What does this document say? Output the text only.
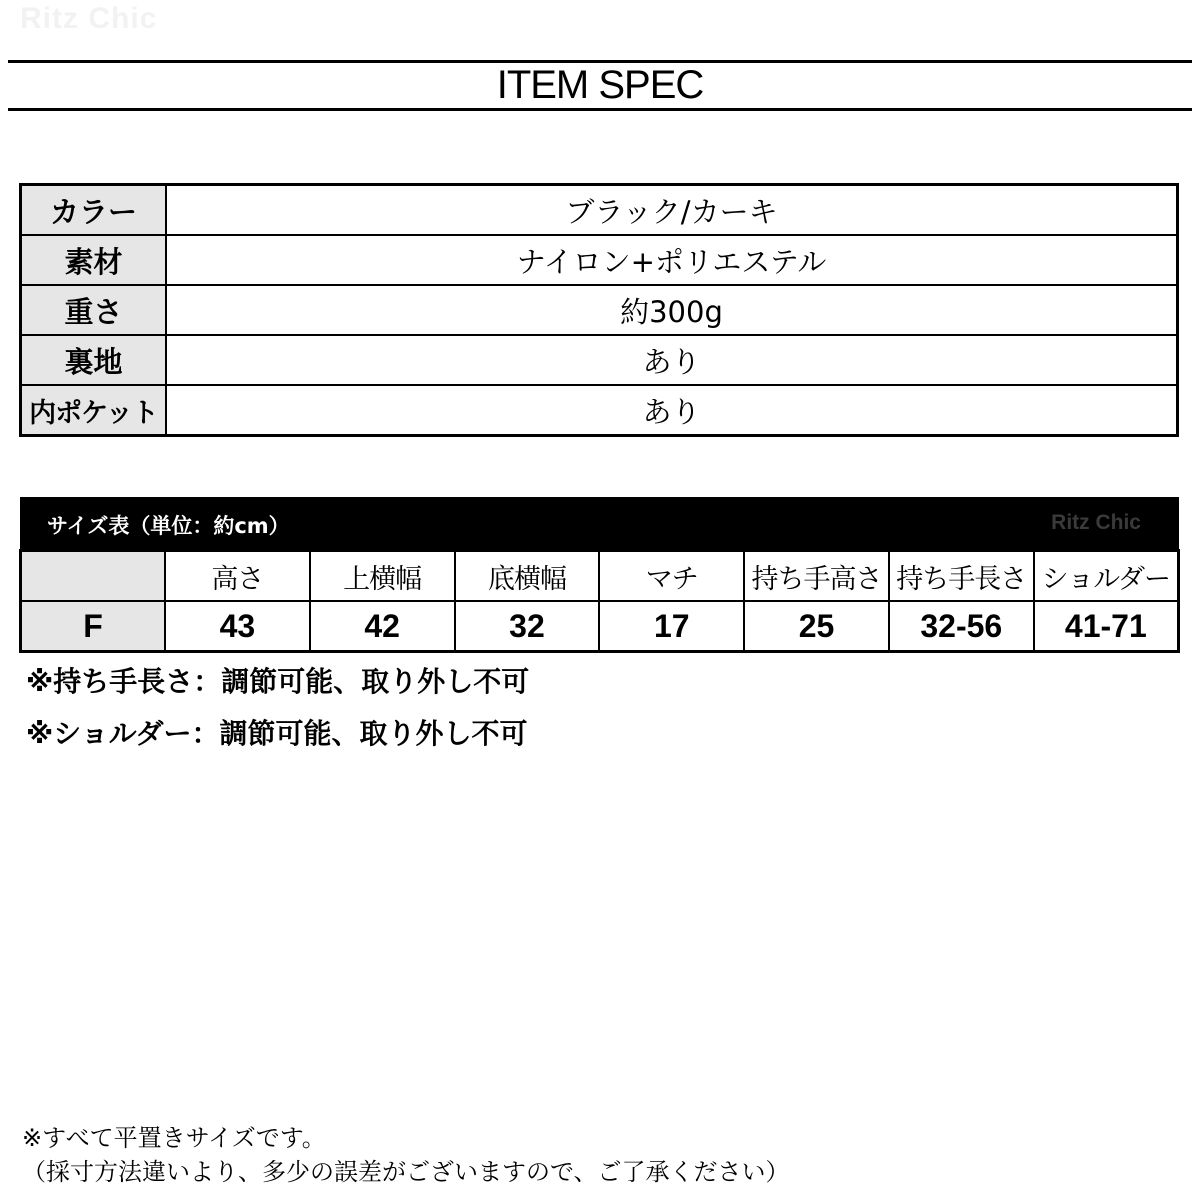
Ritz Chic
ITEM SPEC
カラー	ブラック/カーキ
素材	ナイロン+ポリエステル
重さ	約300g
裏地	あり
内ポケット	あり
サイズ表（単位：約cm）	Ritz Chic
	高さ	上横幅	底横幅	マチ	持ち手高さ	持ち手長さ	ショルダー
F	43	42	32	17	25	32-56	41-71
※持ち手長さ：調節可能、取り外し不可
※ショルダー：調節可能、取り外し不可
※すべて平置きサイズです。
（採寸方法違いより、多少の誤差がございますので、ご了承ください）
